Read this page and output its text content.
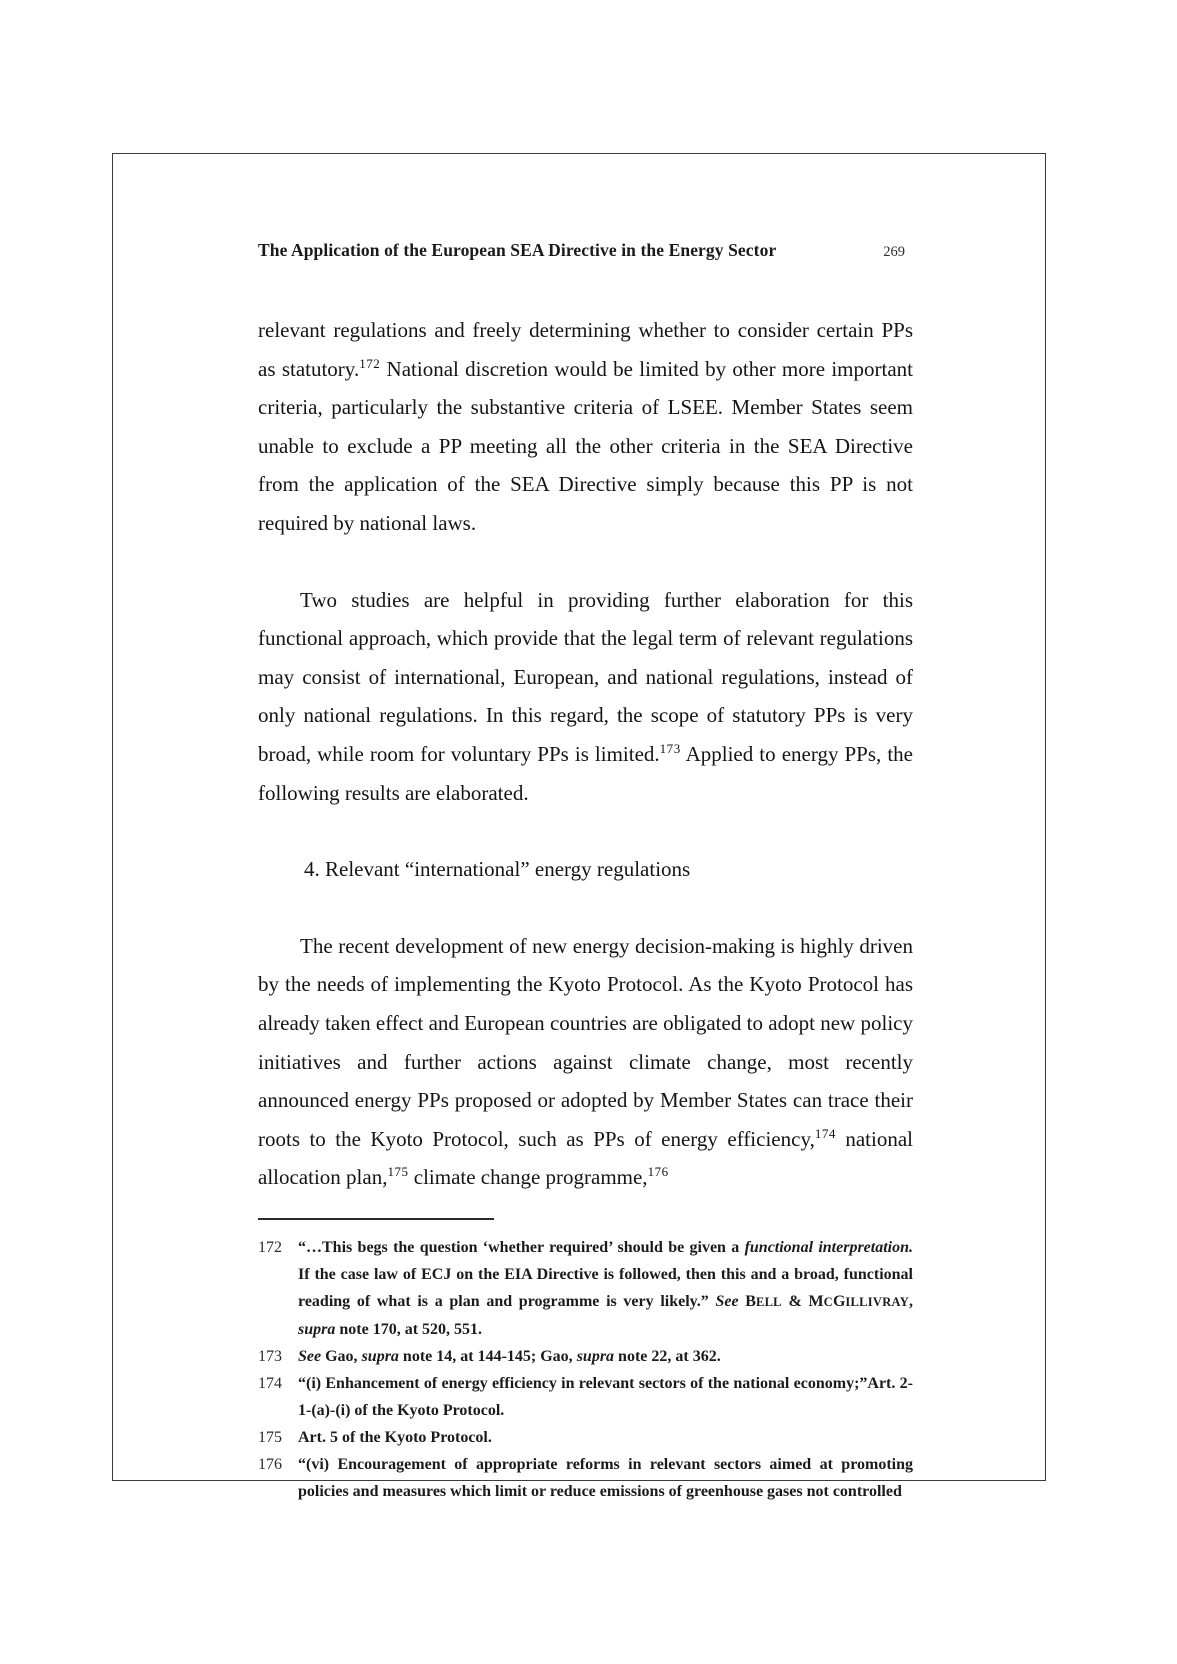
The Application of the European SEA Directive in the Energy Sector	269

relevant regulations and freely determining whether to consider certain PPs as statutory.$^{172}$ National discretion would be limited by other more important criteria, particularly the substantive criteria of LSEE. Member States seem unable to exclude a PP meeting all the other criteria in the SEA Directive from the application of the SEA Directive simply because this PP is not required by national laws.

Two studies are helpful in providing further elaboration for this functional approach, which provide that the legal term of relevant regulations may consist of international, European, and national regulations, instead of only national regulations. In this regard, the scope of statutory PPs is very broad, while room for voluntary PPs is limited.$^{173}$ Applied to energy PPs, the following results are elaborated.

4. Relevant “international” energy regulations

The recent development of new energy decision-making is highly driven by the needs of implementing the Kyoto Protocol. As the Kyoto Protocol has already taken effect and European countries are obligated to adopt new policy initiatives and further actions against climate change, most recently announced energy PPs proposed or adopted by Member States can trace their roots to the Kyoto Protocol, such as PPs of energy efficiency,$^{174}$ national allocation plan,$^{175}$ climate change programme,$^{176}$

172	“…This begs the question ‘whether required’ should be given a functional interpretation. If the case law of ECJ on the EIA Directive is followed, then this and a broad, functional reading of what is a plan and programme is very likely.” See BELL & MCGILLIVRAY, supra note 170, at 520, 551.
173	See Gao, supra note 14, at 144-145; Gao, supra note 22, at 362.
174	“(i) Enhancement of energy efficiency in relevant sectors of the national economy;”Art. 2-1-(a)-(i) of the Kyoto Protocol.
175	Art. 5 of the Kyoto Protocol.
176	“(vi) Encouragement of appropriate reforms in relevant sectors aimed at promoting policies and measures which limit or reduce emissions of greenhouse gases not controlled
